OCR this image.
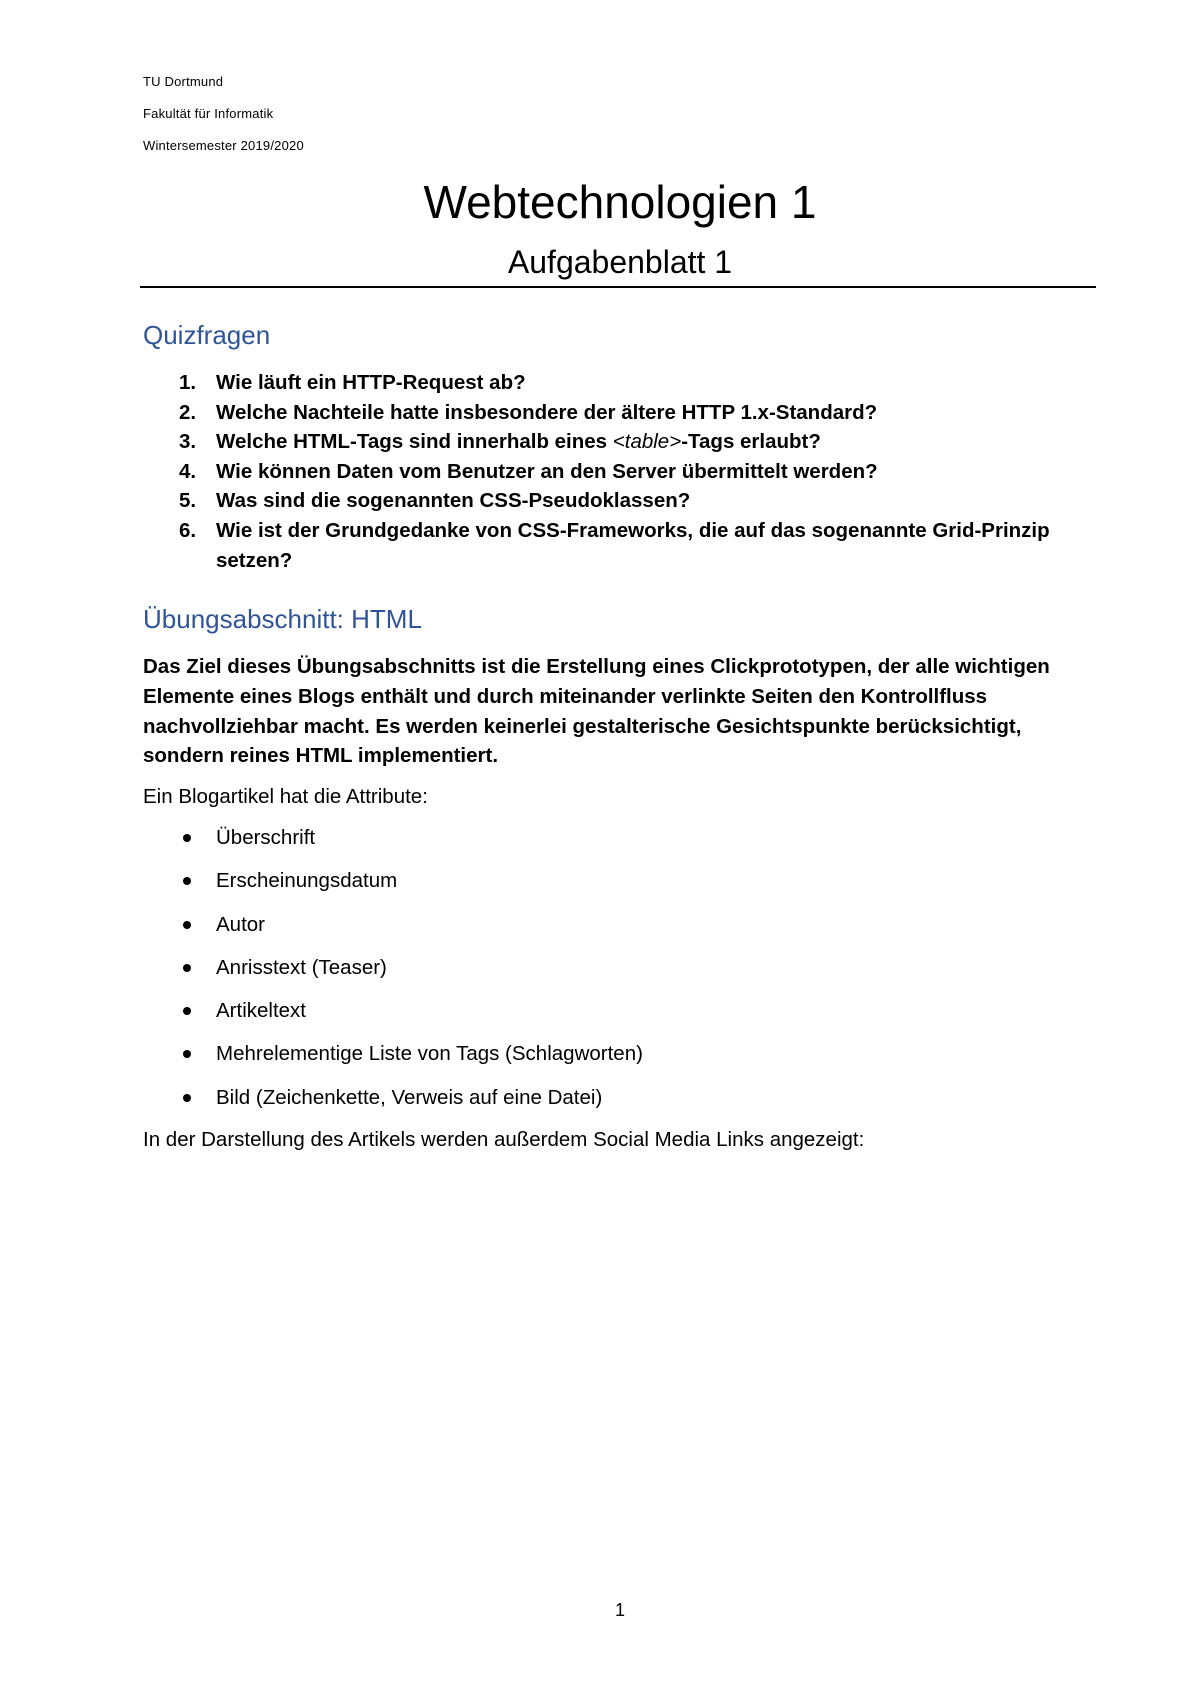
TU Dortmund
Fakultät für Informatik
Wintersemester 2019/2020
Webtechnologien 1
Aufgabenblatt 1
Quizfragen
1. Wie läuft ein HTTP-Request ab?
2. Welche Nachteile hatte insbesondere der ältere HTTP 1.x-Standard?
3. Welche HTML-Tags sind innerhalb eines <table>-Tags erlaubt?
4. Wie können Daten vom Benutzer an den Server übermittelt werden?
5. Was sind die sogenannten CSS-Pseudoklassen?
6. Wie ist der Grundgedanke von CSS-Frameworks, die auf das sogenannte Grid-Prinzip setzen?
Übungsabschnitt: HTML

Das Ziel dieses Übungsabschnitts ist die Erstellung eines Clickprototypen, der alle wichtigen Elemente eines Blogs enthält und durch miteinander verlinkte Seiten den Kontrollfluss nachvollziehbar macht. Es werden keinerlei gestalterische Gesichtspunkte berücksichtigt, sondern reines HTML implementiert.

Ein Blogartikel hat die Attribute:

Überschrift
Erscheinungsdatum
Autor
Anrisstext (Teaser)
Artikeltext
Mehrelementige Liste von Tags (Schlagworten)
Bild (Zeichenkette, Verweis auf eine Datei)

In der Darstellung des Artikels werden außerdem Social Media Links angezeigt:

1
